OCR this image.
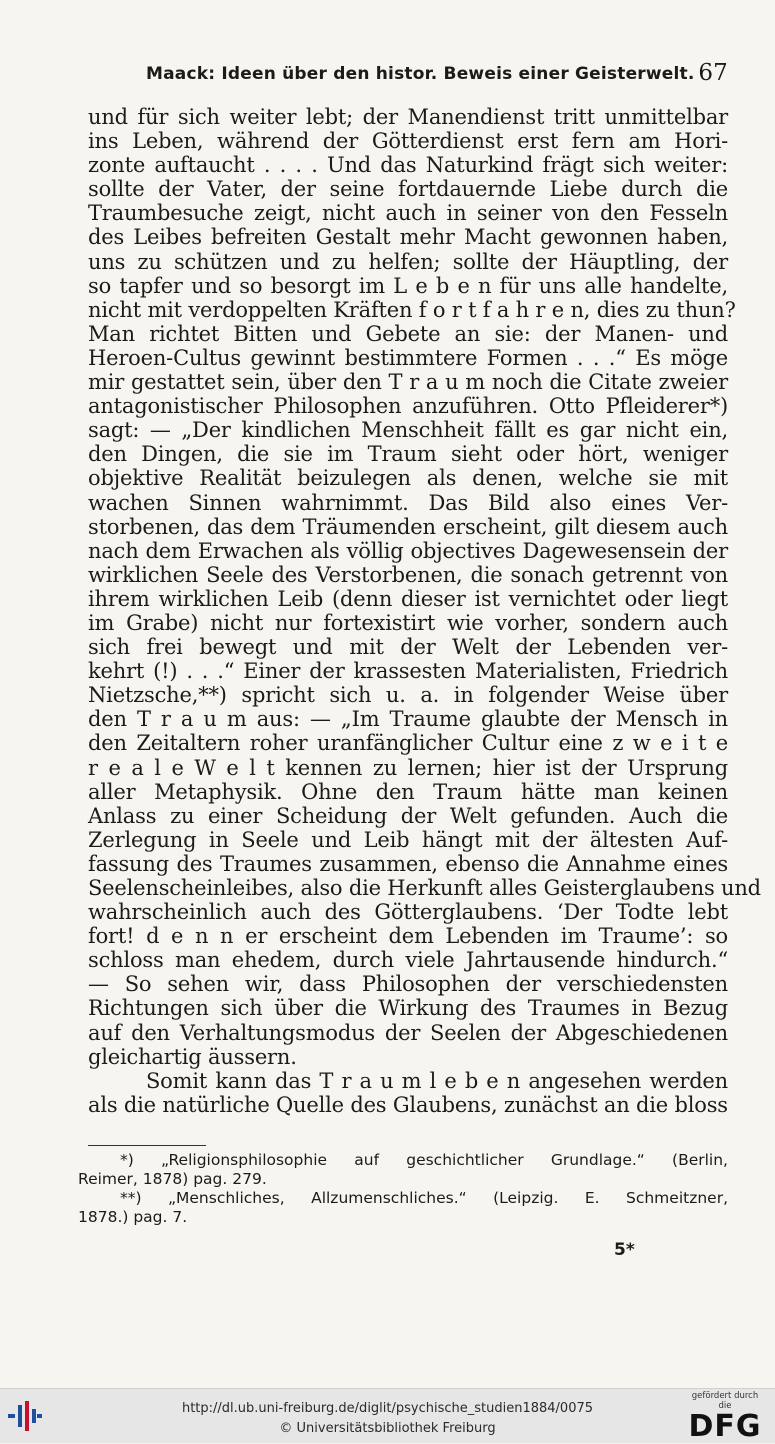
Maack: Ideen über den histor. Beweis einer Geisterwelt. 67
und für sich weiter lebt; der Manendienst tritt unmittelbar
ins Leben, während der Götterdienst erst fern am Hori-
zonte auftaucht . . . . Und das Naturkind frägt sich weiter:
sollte der Vater, der seine fortdauernde Liebe durch die
Traumbesuche zeigt, nicht auch in seiner von den Fesseln
des Leibes befreiten Gestalt mehr Macht gewonnen haben,
uns zu schützen und zu helfen; sollte der Häuptling, der
so tapfer und so besorgt im L e b e n für uns alle handelte,
nicht mit verdoppelten Kräften f o r t f a h r e n, dies zu thun?
Man richtet Bitten und Gebete an sie: der Manen- und
Heroen-Cultus gewinnt bestimmtere Formen . . .“ Es möge
mir gestattet sein, über den T r a u m noch die Citate zweier
antagonistischer Philosophen anzuführen. Otto Pfleiderer*)
sagt: — „Der kindlichen Menschheit fällt es gar nicht ein,
den Dingen, die sie im Traum sieht oder hört, weniger
objektive Realität beizulegen als denen, welche sie mit
wachen Sinnen wahrnimmt. Das Bild also eines Ver-
storbenen, das dem Träumenden erscheint, gilt diesem auch
nach dem Erwachen als völlig objectives Dagewesensein der
wirklichen Seele des Verstorbenen, die sonach getrennt von
ihrem wirklichen Leib (denn dieser ist vernichtet oder liegt
im Grabe) nicht nur fortexistirt wie vorher, sondern auch
sich frei bewegt und mit der Welt der Lebenden ver-
kehrt (!) . . .“ Einer der krassesten Materialisten, Friedrich
Nietzsche,**) spricht sich u. a. in folgender Weise über
den T r a u m aus: — „Im Traume glaubte der Mensch in
den Zeitaltern roher uranfänglicher Cultur eine z w e i t e
r e a l e W e l t kennen zu lernen; hier ist der Ursprung
aller Metaphysik. Ohne den Traum hätte man keinen
Anlass zu einer Scheidung der Welt gefunden. Auch die
Zerlegung in Seele und Leib hängt mit der ältesten Auf-
fassung des Traumes zusammen, ebenso die Annahme eines
Seelenscheinleibes, also die Herkunft alles Geisterglaubens und
wahrscheinlich auch des Götterglaubens. ‘Der Todte lebt
fort! d e n n er erscheint dem Lebenden im Traume’: so
schloss man ehedem, durch viele Jahrtausende hindurch.“
— So sehen wir, dass Philosophen der verschiedensten
Richtungen sich über die Wirkung des Traumes in Bezug
auf den Verhaltungsmodus der Seelen der Abgeschiedenen
gleichartig äussern.
Somit kann das T r a u m l e b e n angesehen werden
als die natürliche Quelle des Glaubens, zunächst an die bloss
*) „Religionsphilosophie auf geschichtlicher Grundlage.“ (Berlin,
Reimer, 1878) pag. 279.
**) „Menschliches, Allzumenschliches.“ (Leipzig. E. Schmeitzner,
1878.) pag. 7.
5*
http://dl.ub.uni-freiburg.de/diglit/psychische_studien1884/0075
© Universitätsbibliothek Freiburg
gefördert durch die
DFG
